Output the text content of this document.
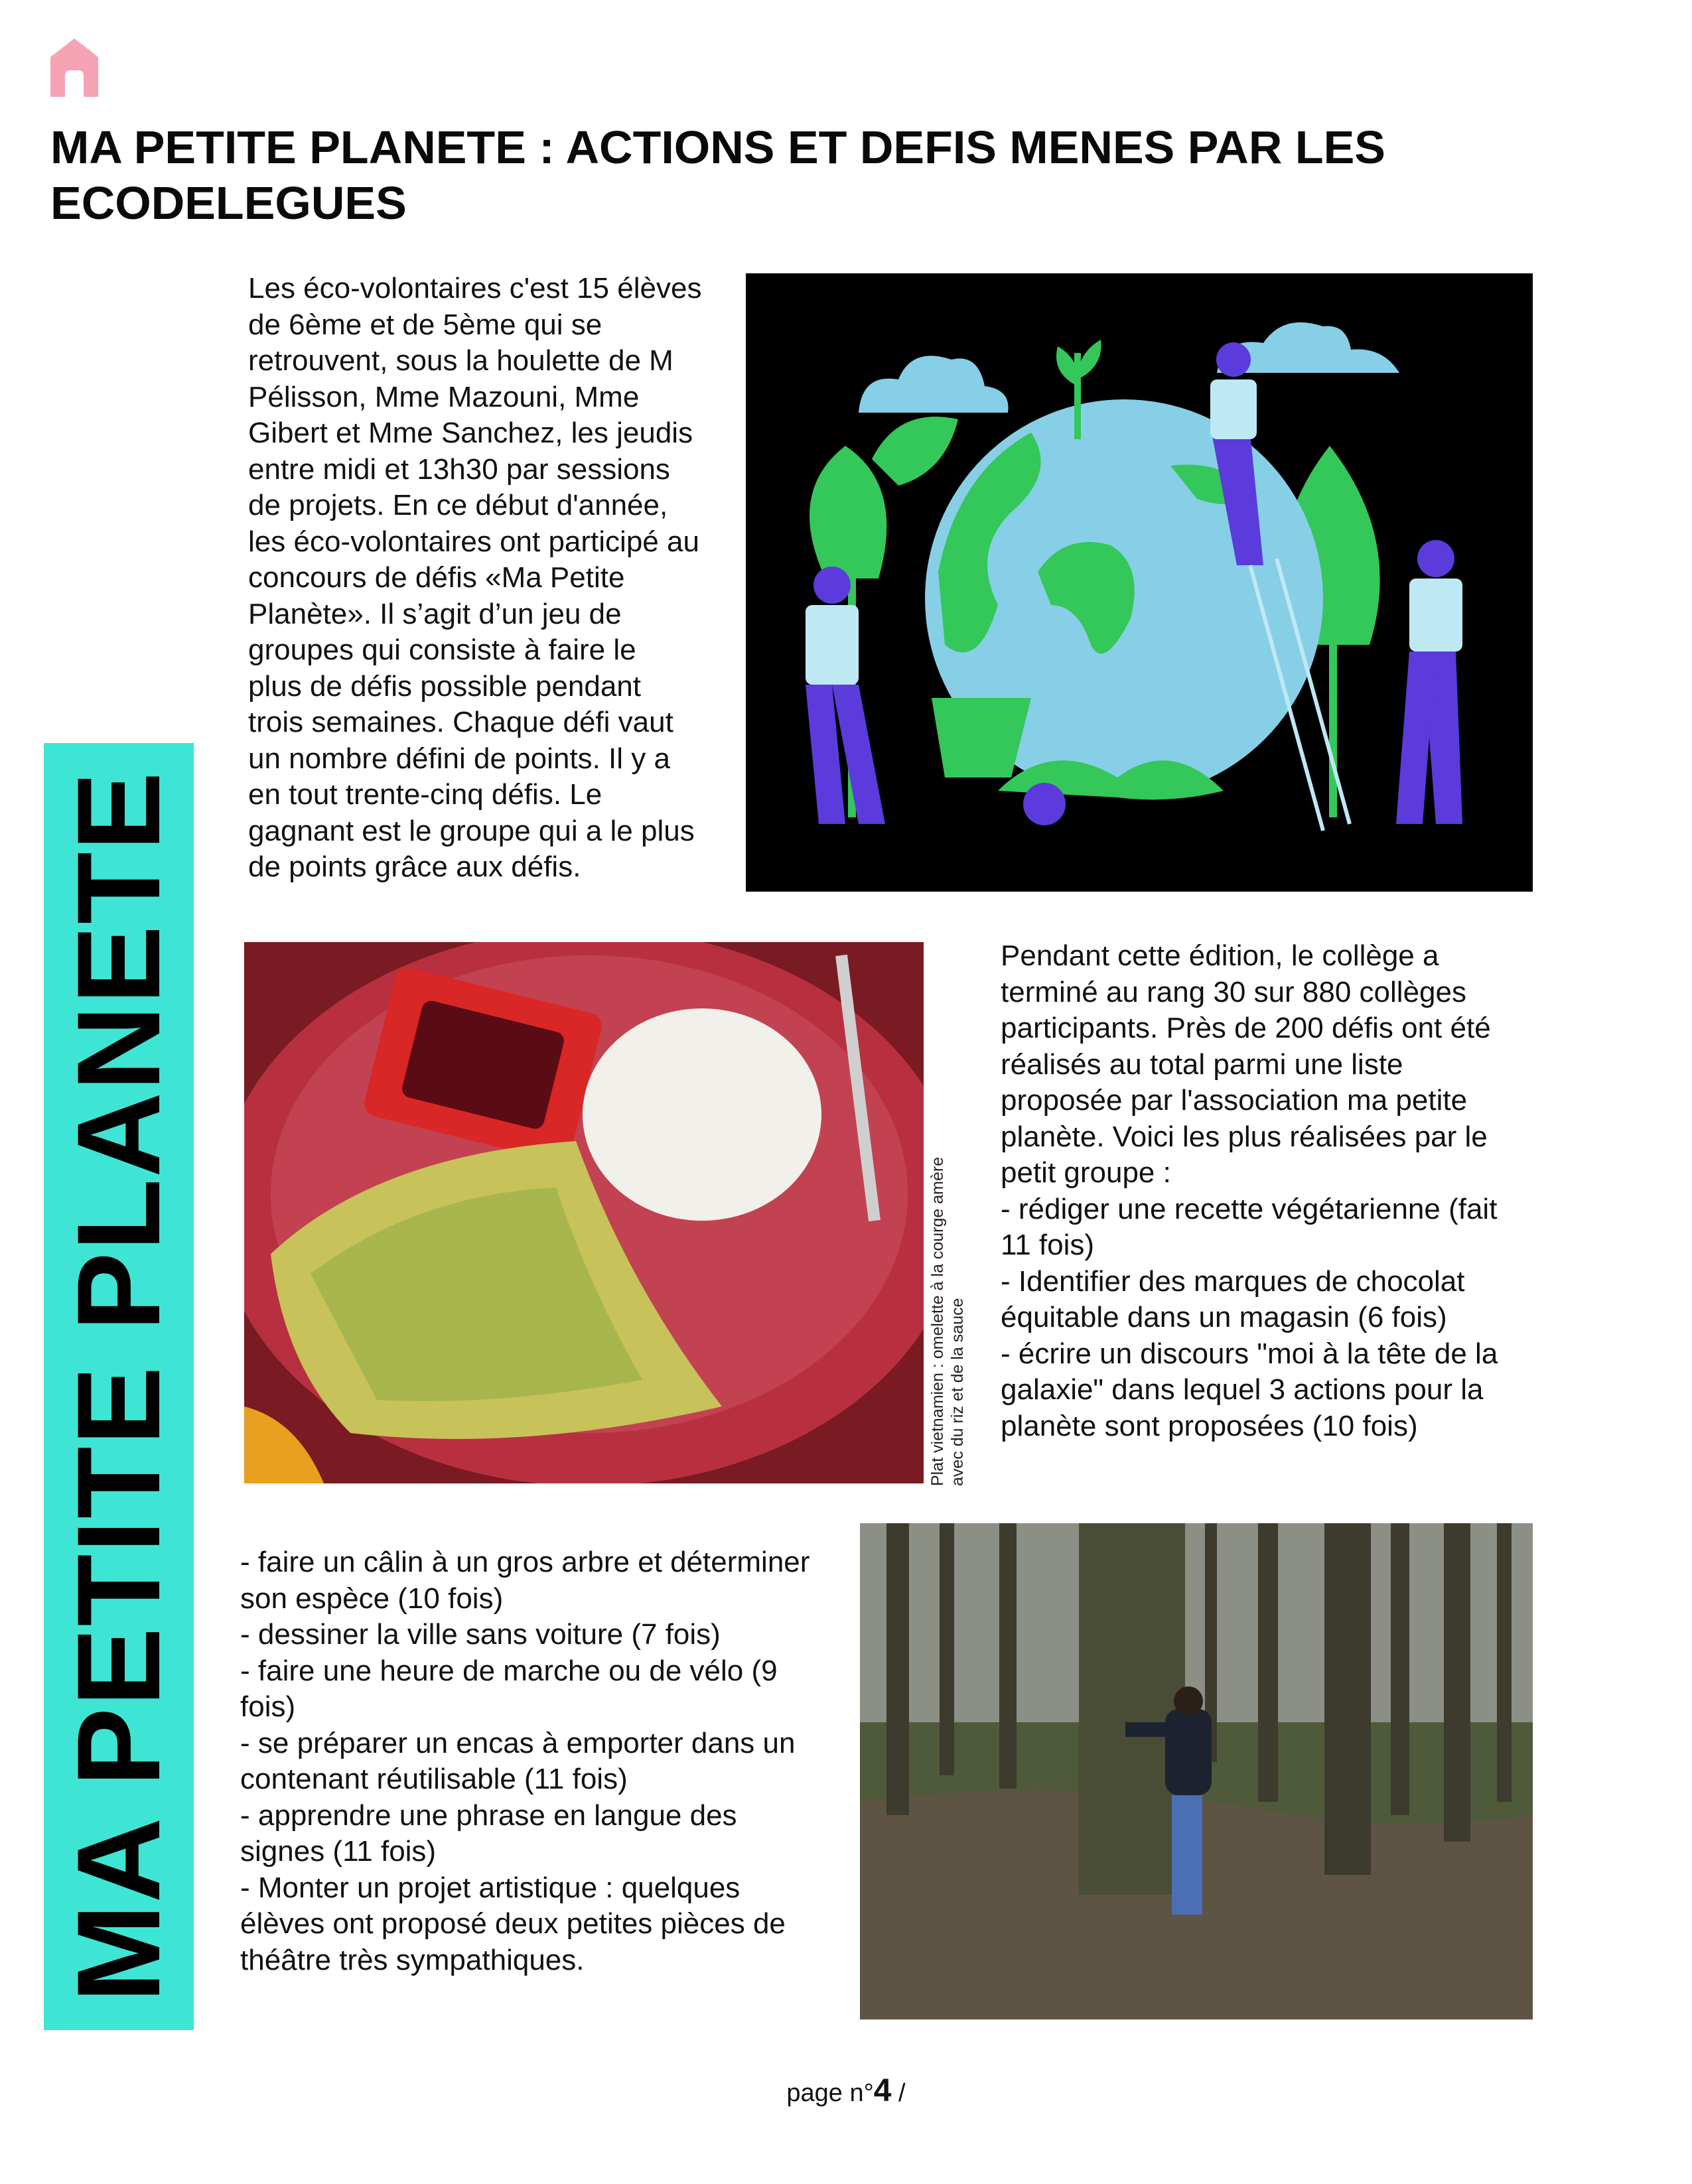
MA PETITE PLANETE : ACTIONS ET DEFIS MENES PAR LES ECODELEGUES

Les éco-volontaires c'est 15 élèves
de 6ème et de 5ème qui se
retrouvent, sous la houlette de M
Pélisson, Mme Mazouni, Mme
Gibert et Mme Sanchez, les jeudis
entre midi et 13h30 par sessions
de projets. En ce début d'année,
les éco-volontaires ont participé au
concours de défis «Ma Petite
Planète». Il s’agit d’un jeu de
groupes qui consiste à faire le
plus de défis possible pendant
trois semaines. Chaque défi vaut
un nombre défini de points. Il y a
en tout trente-cinq défis. Le
gagnant est le groupe qui a le plus
de points grâce aux défis.

Plat vietnamien : omelette à la courge amère
avec du riz et de la sauce

Pendant cette édition, le collège a
terminé au rang 30 sur 880 collèges
participants. Près de 200 défis ont été
réalisés au total parmi une liste
proposée par l'association ma petite
planète. Voici les plus réalisées par le
petit groupe :
- rédiger une recette végétarienne (fait
11 fois)
- Identifier des marques de chocolat
équitable dans un magasin (6 fois)
- écrire un discours "moi à la tête de la
galaxie" dans lequel 3 actions pour la
planète sont proposées (10 fois)

- faire un câlin à un gros arbre et déterminer
son espèce (10 fois)
- dessiner la ville sans voiture (7 fois)
- faire une heure de marche ou de vélo (9
fois)
- se préparer un encas à emporter dans un
contenant réutilisable (11 fois)
- apprendre une phrase en langue des
signes (11 fois)
- Monter un projet artistique : quelques
élèves ont proposé deux petites pièces de
théâtre très sympathiques.

MA PETITE PLANETE
page n°4 /
